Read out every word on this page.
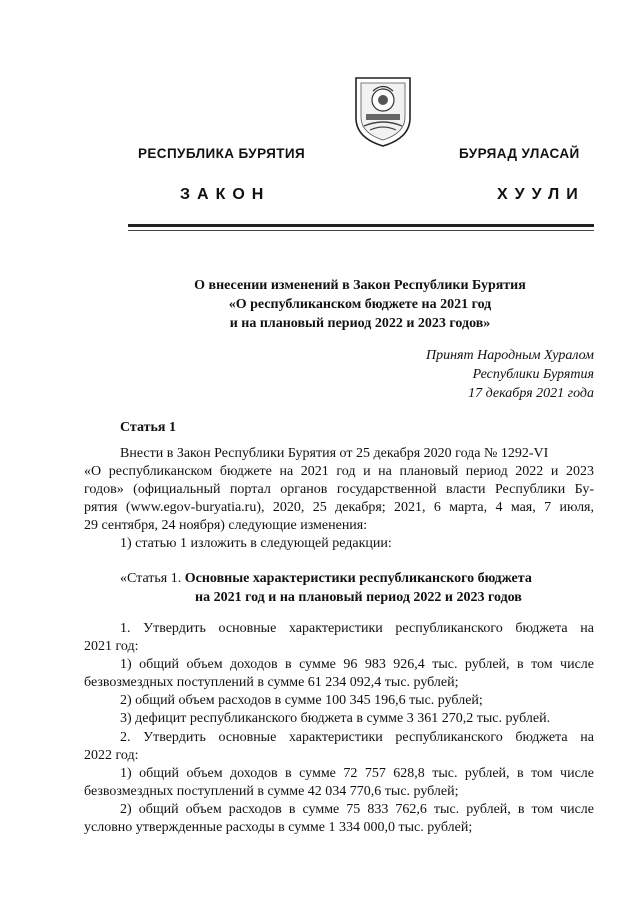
РЕСПУБЛИКА БУРЯТИЯ	БУРЯАД УЛАСАЙ
ЗАКОН	ХУУЛИ
О внесении изменений в Закон Республики Бурятия
«О республиканском бюджете на 2021 год
и на плановый период 2022 и 2023 годов»
Принят Народным Хуралом
Республики Бурятия
17 декабря 2021 года
Статья 1
Внести в Закон Республики Бурятия от 25 декабря 2020 года № 1292-VI
«О республиканском бюджете на 2021 год и на плановый период 2022 и 2023
годов» (официальный портал органов государственной власти Республики Бу-
рятия (www.egov-buryatia.ru), 2020, 25 декабря; 2021, 6 марта, 4 мая, 7 июля,
29 сентября, 24 ноября) следующие изменения:
1) статью 1 изложить в следующей редакции:
«Статья 1. Основные характеристики республиканского бюджета
на 2021 год и на плановый период 2022 и 2023 годов
1. Утвердить основные характеристики республиканского бюджета на
2021 год:
1) общий объем доходов в сумме 96 983 926,4 тыс. рублей, в том числе
безвозмездных поступлений в сумме 61 234 092,4 тыс. рублей;
2) общий объем расходов в сумме 100 345 196,6 тыс. рублей;
3) дефицит республиканского бюджета в сумме 3 361 270,2 тыс. рублей.
2. Утвердить основные характеристики республиканского бюджета на
2022 год:
1) общий объем доходов в сумме 72 757 628,8 тыс. рублей, в том числе
безвозмездных поступлений в сумме 42 034 770,6 тыс. рублей;
2) общий объем расходов в сумме 75 833 762,6 тыс. рублей, в том числе
условно утвержденные расходы в сумме 1 334 000,0 тыс. рублей;
